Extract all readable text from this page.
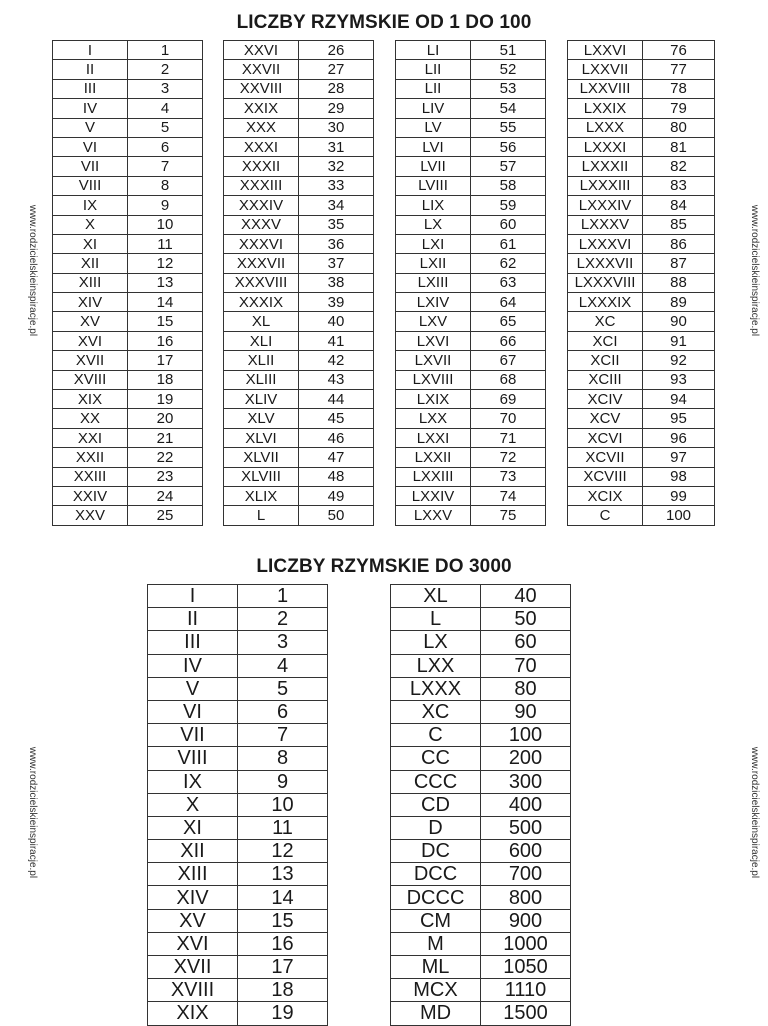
LICZBY RZYMSKIE OD 1 DO 100
I	1
II	2
III	3
IV	4
V	5
VI	6
VII	7
VIII	8
IX	9
X	10
XI	11
XII	12
XIII	13
XIV	14
XV	15
XVI	16
XVII	17
XVIII	18
XIX	19
XX	20
XXI	21
XXII	22
XXIII	23
XXIV	24
XXV	25
XXVI	26
XXVII	27
XXVIII	28
XXIX	29
XXX	30
XXXI	31
XXXII	32
XXXIII	33
XXXIV	34
XXXV	35
XXXVI	36
XXXVII	37
XXXVIII	38
XXXIX	39
XL	40
XLI	41
XLII	42
XLIII	43
XLIV	44
XLV	45
XLVI	46
XLVII	47
XLVIII	48
XLIX	49
L	50
LI	51
LII	52
LII	53
LIV	54
LV	55
LVI	56
LVII	57
LVIII	58
LIX	59
LX	60
LXI	61
LXII	62
LXIII	63
LXIV	64
LXV	65
LXVI	66
LXVII	67
LXVIII	68
LXIX	69
LXX	70
LXXI	71
LXXII	72
LXXIII	73
LXXIV	74
LXXV	75
LXXVI	76
LXXVII	77
LXXVIII	78
LXXIX	79
LXXX	80
LXXXI	81
LXXXII	82
LXXXIII	83
LXXXIV	84
LXXXV	85
LXXXVI	86
LXXXVII	87
LXXXVIII	88
LXXXIX	89
XC	90
XCI	91
XCII	92
XCIII	93
XCIV	94
XCV	95
XCVI	96
XCVII	97
XCVIII	98
XCIX	99
C	100
LICZBY RZYMSKIE DO 3000
I	1
II	2
III	3
IV	4
V	5
VI	6
VII	7
VIII	8
IX	9
X	10
XI	11
XII	12
XIII	13
XIV	14
XV	15
XVI	16
XVII	17
XVIII	18
XIX	19
XL	40
L	50
LX	60
LXX	70
LXXX	80
XC	90
C	100
CC	200
CCC	300
CD	400
D	500
DC	600
DCC	700
DCCC	800
CM	900
M	1000
ML	1050
MCX	1110
MD	1500
www.rodzicielskieinspiracje.pl	www.rodzicielskieinspiracje.pl
www.rodzicielskieinspiracje.pl	www.rodzicielskieinspiracje.pl
